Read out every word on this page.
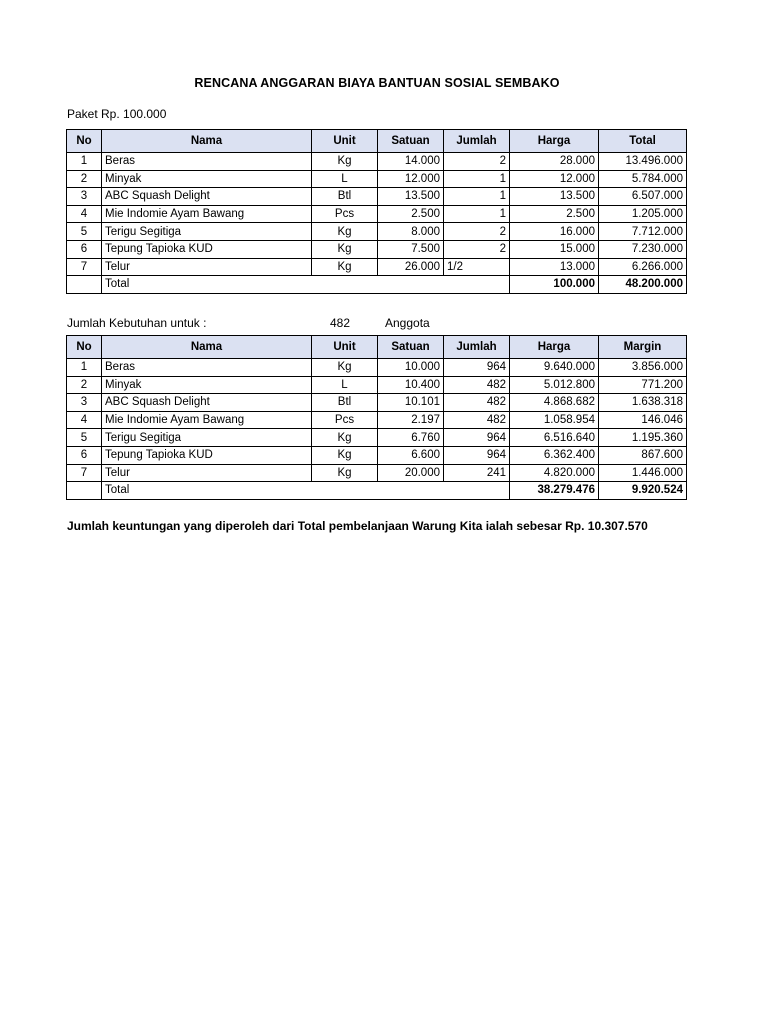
RENCANA ANGGARAN BIAYA BANTUAN SOSIAL SEMBAKO
Paket Rp. 100.000
No	Nama	Unit	Satuan	Jumlah	Harga	Total
1	Beras	Kg	14.000	2	28.000	13.496.000
2	Minyak	L	12.000	1	12.000	5.784.000
3	ABC Squash Delight	Btl	13.500	1	13.500	6.507.000
4	Mie Indomie Ayam Bawang	Pcs	2.500	1	2.500	1.205.000
5	Terigu Segitiga	Kg	8.000	2	16.000	7.712.000
6	Tepung Tapioka KUD	Kg	7.500	2	15.000	7.230.000
7	Telur	Kg	26.000	1/2	13.000	6.266.000
	Total				100.000	48.200.000
Jumlah Kebutuhan untuk :	482	Anggota
No	Nama	Unit	Satuan	Jumlah	Harga	Margin
1	Beras	Kg	10.000	964	9.640.000	3.856.000
2	Minyak	L	10.400	482	5.012.800	771.200
3	ABC Squash Delight	Btl	10.101	482	4.868.682	1.638.318
4	Mie Indomie Ayam Bawang	Pcs	2.197	482	1.058.954	146.046
5	Terigu Segitiga	Kg	6.760	964	6.516.640	1.195.360
6	Tepung Tapioka KUD	Kg	6.600	964	6.362.400	867.600
7	Telur	Kg	20.000	241	4.820.000	1.446.000
	Total				38.279.476	9.920.524
Jumlah keuntungan yang diperoleh dari Total pembelanjaan Warung Kita ialah sebesar Rp. 10.307.570
